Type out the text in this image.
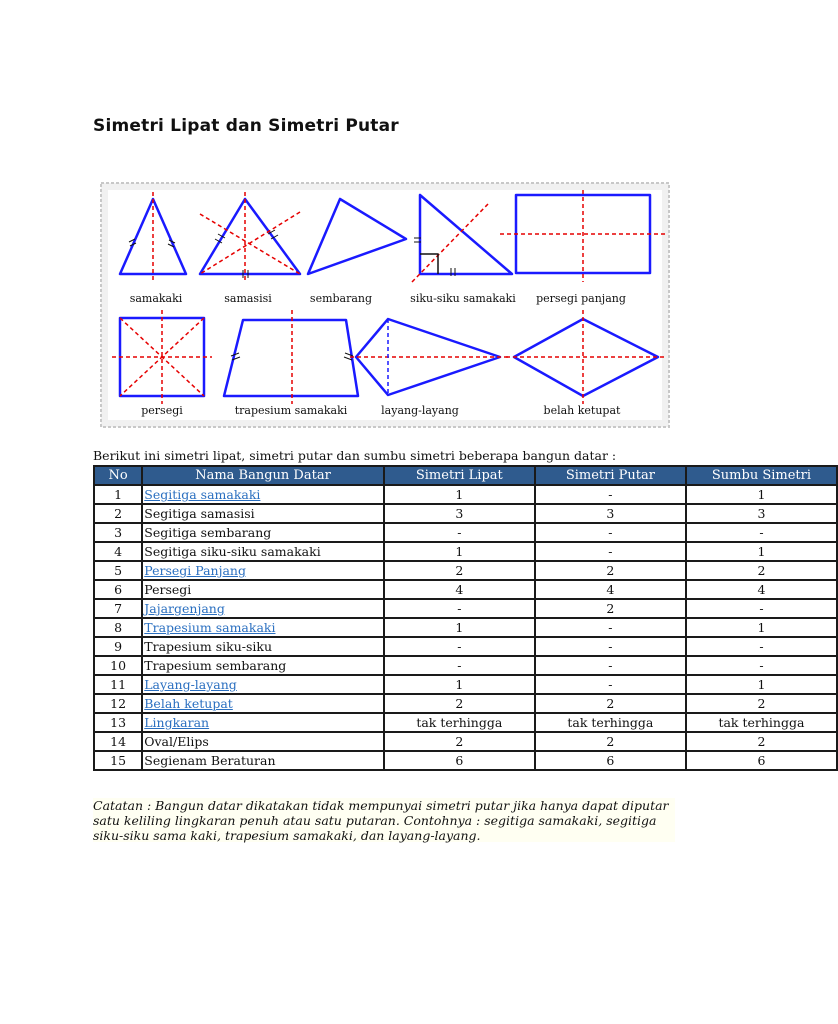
Simetri Lipat dan Simetri Putar
samakaki	samasisi	sembarang	siku-siku samakaki persegi panjang
persegi	trapesium samakaki	layang-layang	belah ketupat
Berikut ini simetri lipat, simetri putar dan sumbu simetri beberapa bangun datar :
No	Nama Bangun Datar	Simetri Lipat	Simetri Putar	Sumbu Simetri
1	Segitiga samakaki	1	-	1
2	Segitiga samasisi	3	3	3
3	Segitiga sembarang	-	-	-
4	Segitiga siku-siku samakaki	1	-	1
5	Persegi Panjang	2	2	2
6	Persegi	4	4	4
7	Jajargenjang	-	2	-
8	Trapesium samakaki	1	-	1
9	Trapesium siku-siku	-	-	-
10	Trapesium sembarang	-	-	-
11	Layang-layang	1	-	1
12	Belah ketupat	2	2	2
13	Lingkaran	tak terhingga	tak terhingga	tak terhingga
14	Oval/Elips	2	2	2
15	Segienam Beraturan	6	6	6
Catatan : Bangun datar dikatakan tidak mempunyai simetri putar jika hanya dapat diputar satu keliling lingkaran penuh atau satu putaran. Contohnya : segitiga samakaki, segitiga siku-siku sama kaki, trapesium samakaki, dan layang-layang.
